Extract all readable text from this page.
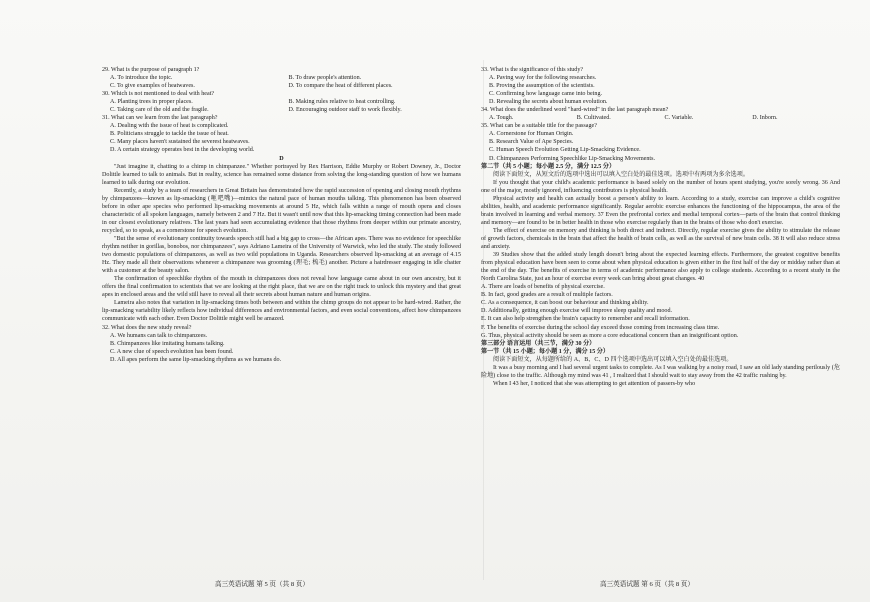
29. What is the purpose of paragraph 1?

A. To introduce the topic.	B. To draw people's attention.
C. To give examples of heatwaves.	D. To compare the heat of different places.

30. Which is not mentioned to deal with heat?

A. Planting trees in proper places.	B. Making rules relative to heat controlling.
C. Taking care of the old and the fragile.	D. Encouraging outdoor staff to work flexibly.

31. What can we learn from the last paragraph?

A. Dealing with the issue of heat is complicated.
B. Politicians struggle to tackle the issue of heat.
C. Many places haven't sustained the severest heatwaves.
D. A certain strategy operates best in the developing world.

D

"Just imagine it, chatting to a chimp in chimpanzee." Whether portrayed by Rex Harrison, Eddie Murphy or Robert Downey, Jr., Doctor Dolittle learned to talk to animals. But in reality, science has remained some distance from solving the long-standing question of how we humans learned to talk during our evolution.

Recently, a study by a team of researchers in Great Britain has demonstrated how the rapid succession of opening and closing mouth rhythms by chimpanzees—known as lip-smacking (咂吧嘴)—mimics the natural pace of human mouths talking. This phenomenon has been observed before in other ape species who performed lip-smacking movements at around 5 Hz, which falls within a range of mouth opens and closes characteristic of all spoken languages, namely between 2 and 7 Hz. But it wasn't until now that this lip-smacking timing connection had been made in our closest evolutionary relatives. The last years had seen accumulating evidence that those rhythms from deeper within our primate ancestry, recycled, so to speak, as a cornerstone for speech evolution.

"But the sense of evolutionary continuity towards speech still had a big gap to cross—the African apes. There was no evidence for speechlike rhythm neither in gorillas, bonobos, nor chimpanzees", says Adriano Lameira of the University of Warwick, who led the study. The study followed two domestic populations of chimpanzees, as well as two wild populations in Uganda. Researchers observed lip-smacking at an average of 4.15 Hz. They made all their observations whenever a chimpanzee was grooming (理毛; 梳毛) another. Picture a hairdresser engaging in idle chatter with a customer at the beauty salon.

The confirmation of speechlike rhythm of the mouth in chimpanzees does not reveal how language came about in our own ancestry, but it offers the final confirmation to scientists that we are looking at the right place, that we are on the right track to unlock this mystery and that great apes in enclosed areas and the wild still have to reveal all their secrets about human nature and human origins.

Lameira also notes that variation in lip-smacking times both between and within the chimp groups do not appear to be hard-wired. Rather, the lip-smacking variability likely reflects how individual differences and environmental factors, and even social conventions, affect how chimpanzees communicate with each other. Even Doctor Dolittle might well be amazed.

32. What does the new study reveal?

A. We humans can talk to chimpanzees.
B. Chimpanzees like imitating humans talking.
C. A new clue of speech evolution has been found.
D. All apes perform the same lip-smacking rhythms as we humans do.

33. What is the significance of this study?

A. Paving way for the following researches.
B. Proving the assumption of the scientists.
C. Confirming how language came into being.
D. Revealing the secrets about human evolution.

34. What does the underlined word "hard-wired" in the last paragraph mean?

A. Tough.	B. Cultivated.	C. Variable.	D. Inborn.

35. What can be a suitable title for the passage?

A. Cornerstone for Human Origin.
B. Research Value of Ape Species.
C. Human Speech Evolution Getting Lip-Smacking Evidence.
D. Chimpanzees Performing Speechlike Lip-Smacking Movements.

第二节（共 5 小题；每小题 2.5 分，满分 12.5 分）

阅读下面短文，从短文后的选项中选出可以填入空白处的最佳选项。选项中有两项为多余选项。

If you thought that your child's academic performance is based solely on the number of hours spent studying, you're sorely wrong. 36 And one of the major, mostly ignored, influencing contributors is physical health.

Physical activity and health can actually boost a person's ability to learn. According to a study, exercise can improve a child's cognitive abilities, health, and academic performance significantly. Regular aerobic exercise enhances the functioning of the hippocampus, the area of the brain involved in learning and verbal memory. 37 Even the prefrontal cortex and medial temporal cortex—parts of the brain that control thinking and memory—are found to be in better health in those who exercise regularly than in the brains of those who don't exercise.

The effect of exercise on memory and thinking is both direct and indirect. Directly, regular exercise gives the ability to stimulate the release of growth factors, chemicals in the brain that affect the health of brain cells, as well as the survival of new brain cells. 38 It will also reduce stress and anxiety.

39 Studies show that the added study length doesn't bring about the expected learning effects. Furthermore, the greatest cognitive benefits from physical education have been seen to come about when physical education is given either in the first half of the day or midday rather than at the end of the day. The benefits of exercise in terms of academic performance also apply to college students. According to a recent study in the North Carolina State, just an hour of exercise every week can bring about great changes. 40

A. There are loads of benefits of physical exercise.
B. In fact, good grades are a result of multiple factors.
C. As a consequence, it can boost our behaviour and thinking ability.
D. Additionally, getting enough exercise will improve sleep quality and mood.
E. It can also help strengthen the brain's capacity to remember and recall information.
F. The benefits of exercise during the school day exceed those coming from increasing class time.
G. Thus, physical activity should be seen as more a core educational concern than an insignificant option.

第三部分 语言运用（共三节，满分 30 分）

第一节（共 15 小题；每小题 1 分，满分 15 分）

阅读下面短文，从每题所给的 A、B、C、D 四个选项中选出可以填入空白处的最佳选项。

It was a busy morning and I had several urgent tasks to complete. As I was walking by a noisy road, I saw an old lady standing perilously (危险地) close to the traffic. Although my mind was 41 , I realized that I should wait to stay away from the 42 traffic rushing by.

When I 43 her, I noticed that she was attempting to get attention of passers-by who

高三英语试题 第 5 页（共 8 页）	高三英语试题 第 6 页（共 8 页）
